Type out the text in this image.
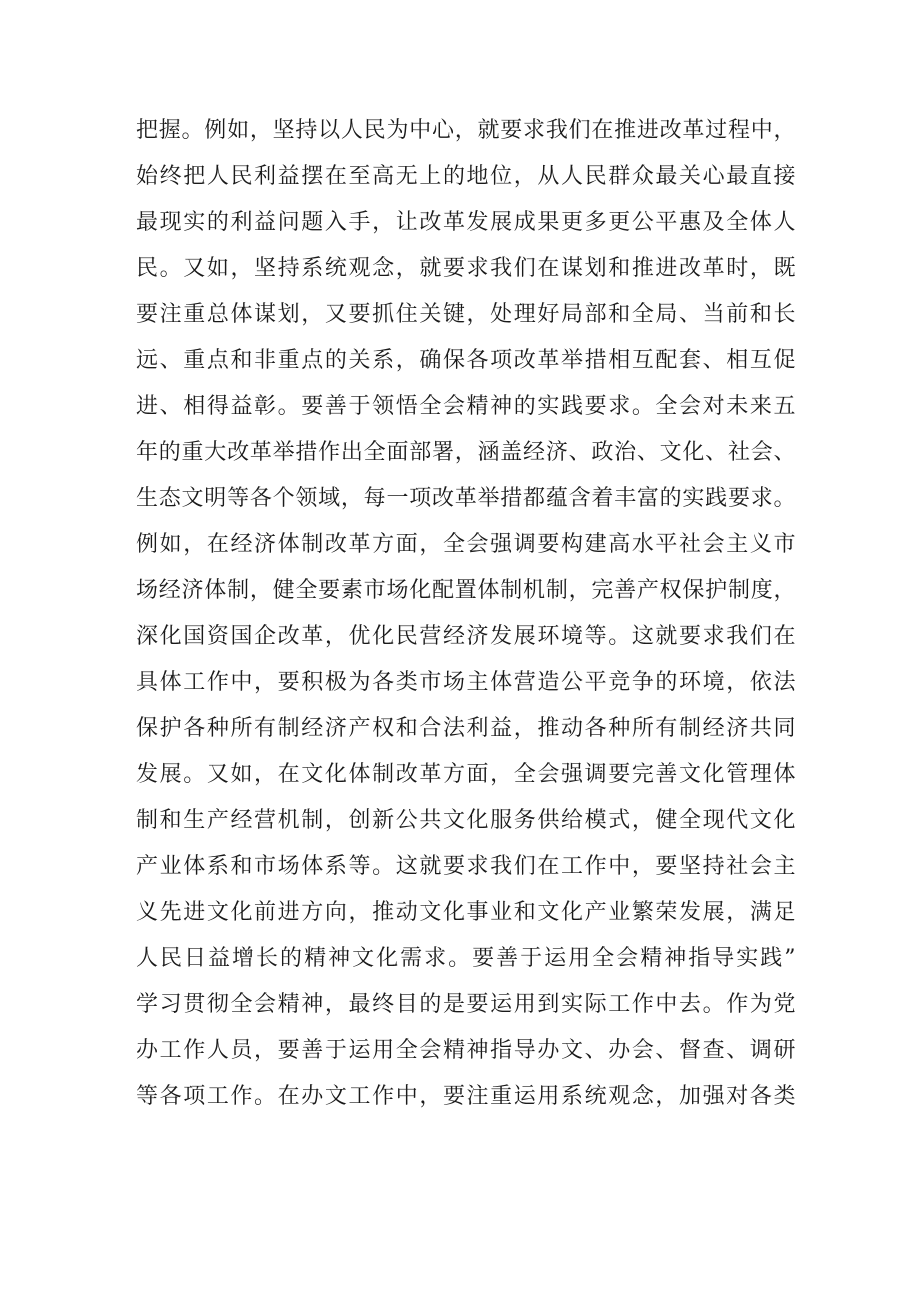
把握。例如，坚持以人民为中心，就要求我们在推进改革过程中，
始终把人民利益摆在至高无上的地位，从人民群众最关心最直接
最现实的利益问题入手，让改革发展成果更多更公平惠及全体人
民。又如，坚持系统观念，就要求我们在谋划和推进改革时，既
要注重总体谋划，又要抓住关键，处理好局部和全局、当前和长
远、重点和非重点的关系，确保各项改革举措相互配套、相互促
进、相得益彰。要善于领悟全会精神的实践要求。全会对未来五
年的重大改革举措作出全面部署，涵盖经济、政治、文化、社会、
生态文明等各个领域，每一项改革举措都蕴含着丰富的实践要求。
例如，在经济体制改革方面，全会强调要构建高水平社会主义市
场经济体制，健全要素市场化配置体制机制，完善产权保护制度，
深化国资国企改革，优化民营经济发展环境等。这就要求我们在
具体工作中，要积极为各类市场主体营造公平竞争的环境，依法
保护各种所有制经济产权和合法利益，推动各种所有制经济共同
发展。又如，在文化体制改革方面，全会强调要完善文化管理体
制和生产经营机制，创新公共文化服务供给模式，健全现代文化
产业体系和市场体系等。这就要求我们在工作中，要坚持社会主
义先进文化前进方向，推动文化事业和文化产业繁荣发展，满足
人民日益增长的精神文化需求。要善于运用全会精神指导实践”
学习贯彻全会精神，最终目的是要运用到实际工作中去。作为党
办工作人员，要善于运用全会精神指导办文、办会、督查、调研
等各项工作。在办文工作中，要注重运用系统观念，加强对各类
